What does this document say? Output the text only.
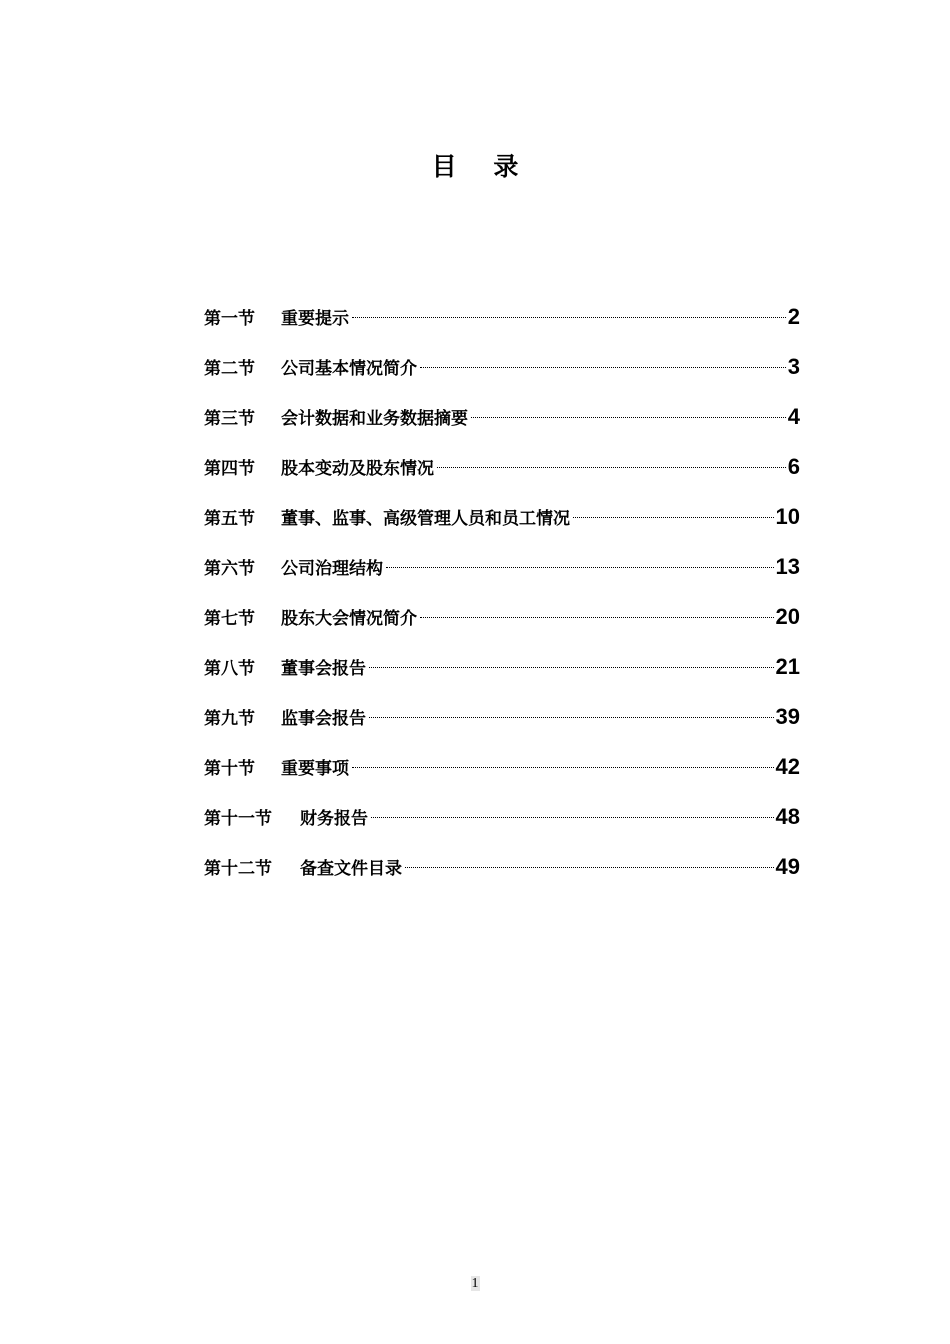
目 录
第一节	重要提示	2
第二节	公司基本情况简介	3
第三节	会计数据和业务数据摘要	4
第四节	股本变动及股东情况	6
第五节	董事、监事、高级管理人员和员工情况	10
第六节	公司治理结构	13
第七节	股东大会情况简介	20
第八节	董事会报告	21
第九节	监事会报告	39
第十节	重要事项	42
第十一节	财务报告	48
第十二节	备查文件目录	49
1
